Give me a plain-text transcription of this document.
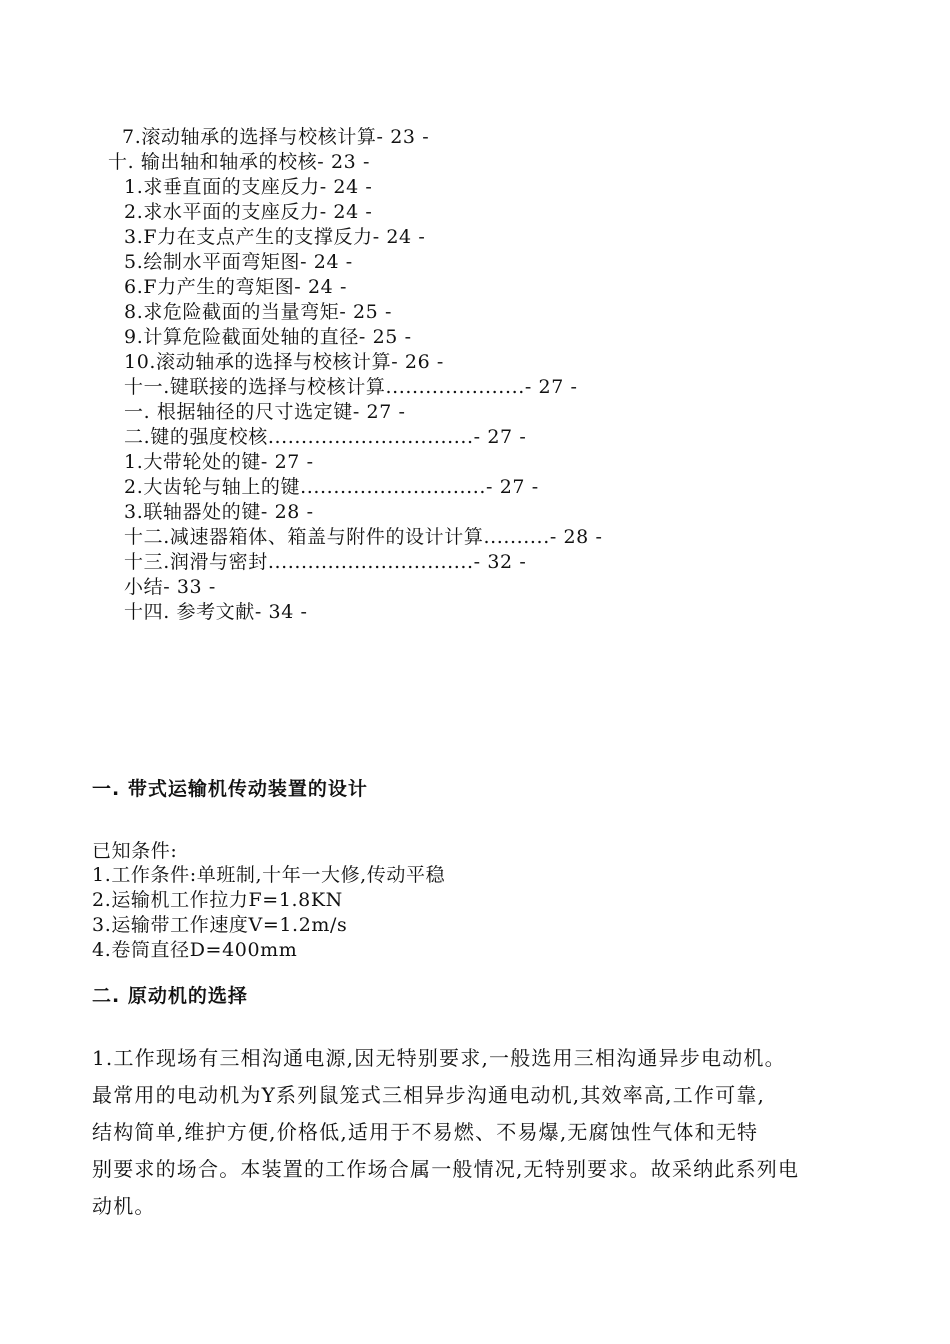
7.滚动轴承的选择与校核计算- 23 -
十. 输出轴和轴承的校核- 23 -
1.求垂直面的支座反力- 24 -
2.求水平面的支座反力- 24 -
3.F力在支点产生的支撑反力- 24 -
5.绘制水平面弯矩图- 24 -
6.F力产生的弯矩图- 24 -
8.求危险截面的当量弯矩- 25 -
9.计算危险截面处轴的直径- 25 -
10.滚动轴承的选择与校核计算- 26 -
十一.键联接的选择与校核计算.....................- 27 -
一. 根据轴径的尺寸选定键- 27 -
二.键的强度校核...............................- 27 -
1.大带轮处的键- 27 -
2.大齿轮与轴上的键............................- 27 -
3.联轴器处的键- 28 -
十二.减速器箱体、箱盖与附件的设计计算..........- 28 -
十三.润滑与密封...............................- 32 -
小结- 33 -
十四. 参考文献- 34 -
一. 带式运输机传动装置的设计
已知条件:
1.工作条件:单班制,十年一大修,传动平稳
2.运输机工作拉力F=1.8KN
3.运输带工作速度V=1.2m/s
4.卷筒直径D=400mm
二. 原动机的选择
1.工作现场有三相沟通电源,因无特别要求,一般选用三相沟通异步电动机。
最常用的电动机为Y系列鼠笼式三相异步沟通电动机,其效率高,工作可靠,
结构简单,维护方便,价格低,适用于不易燃、不易爆,无腐蚀性气体和无特
别要求的场合。本装置的工作场合属一般情况,无特别要求。故采纳此系列电
动机。
